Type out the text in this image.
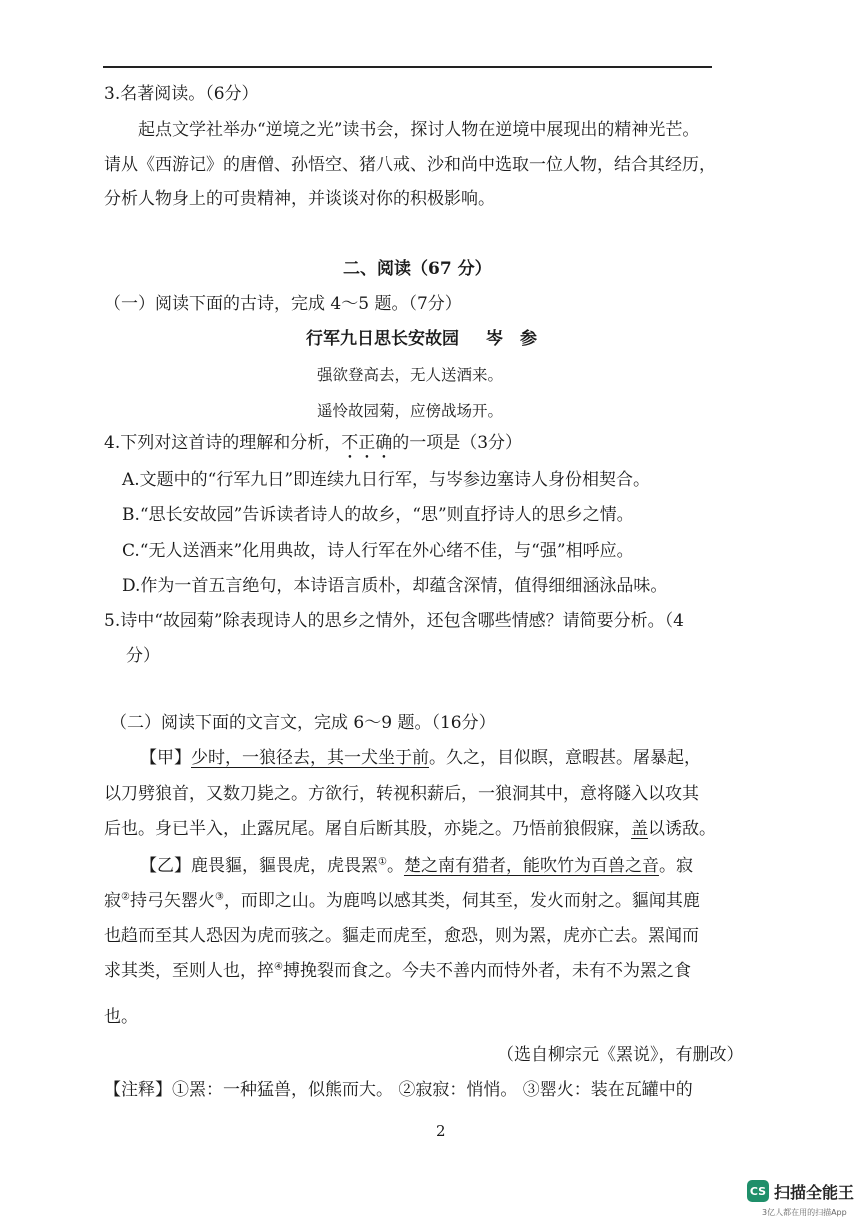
3.名著阅读。（6分）
起点文学社举办“逆境之光”读书会，探讨人物在逆境中展现出的精神光芒。
请从《西游记》的唐僧、孙悟空、猪八戒、沙和尚中选取一位人物，结合其经历，
分析人物身上的可贵精神，并谈谈对你的积极影响。
二、阅读（67 分）
（一）阅读下面的古诗，完成 4～5 题。（7分）
行军九日思长安故园 岑　参
强欲登高去，无人送酒来。
遥怜故园菊，应傍战场开。
4.下列对这首诗的理解和分析，不正确的一项是（3分）
A.文题中的“行军九日”即连续九日行军，与岑参边塞诗人身份相契合。
B.“思长安故园”告诉读者诗人的故乡，“思”则直抒诗人的思乡之情。
C.“无人送酒来”化用典故，诗人行军在外心绪不佳，与“强”相呼应。
D.作为一首五言绝句，本诗语言质朴，却蕴含深情，值得细细涵泳品味。
5.诗中“故园菊”除表现诗人的思乡之情外，还包含哪些情感？请简要分析。（4
分）
（二）阅读下面的文言文，完成 6～9 题。（16分）
【甲】少时，一狼径去，其一犬坐于前。久之，目似瞑，意暇甚。屠暴起，
以刀劈狼首，又数刀毙之。方欲行，转视积薪后，一狼洞其中，意将隧入以攻其
后也。身已半入，止露尻尾。屠自后断其股，亦毙之。乃悟前狼假寐，盖以诱敌。
【乙】鹿畏貙，貙畏虎，虎畏罴①。楚之南有猎者，能吹竹为百兽之音。寂
寂②持弓矢罂火③，而即之山。为鹿鸣以感其类，伺其至，发火而射之。貙闻其鹿
也趋而至其人恐因为虎而骇之。貙走而虎至，愈恐，则为罴，虎亦亡去。罴闻而
求其类，至则人也，捽④搏挽裂而食之。今夫不善内而恃外者，未有不为罴之食
也。
（选自柳宗元《罴说》，有删改）
【注释】①罴：一种猛兽，似熊而大。 ②寂寂：悄悄。 ③罂火：装在瓦罐中的
2
CS 扫描全能王
3亿人都在用的扫描App
